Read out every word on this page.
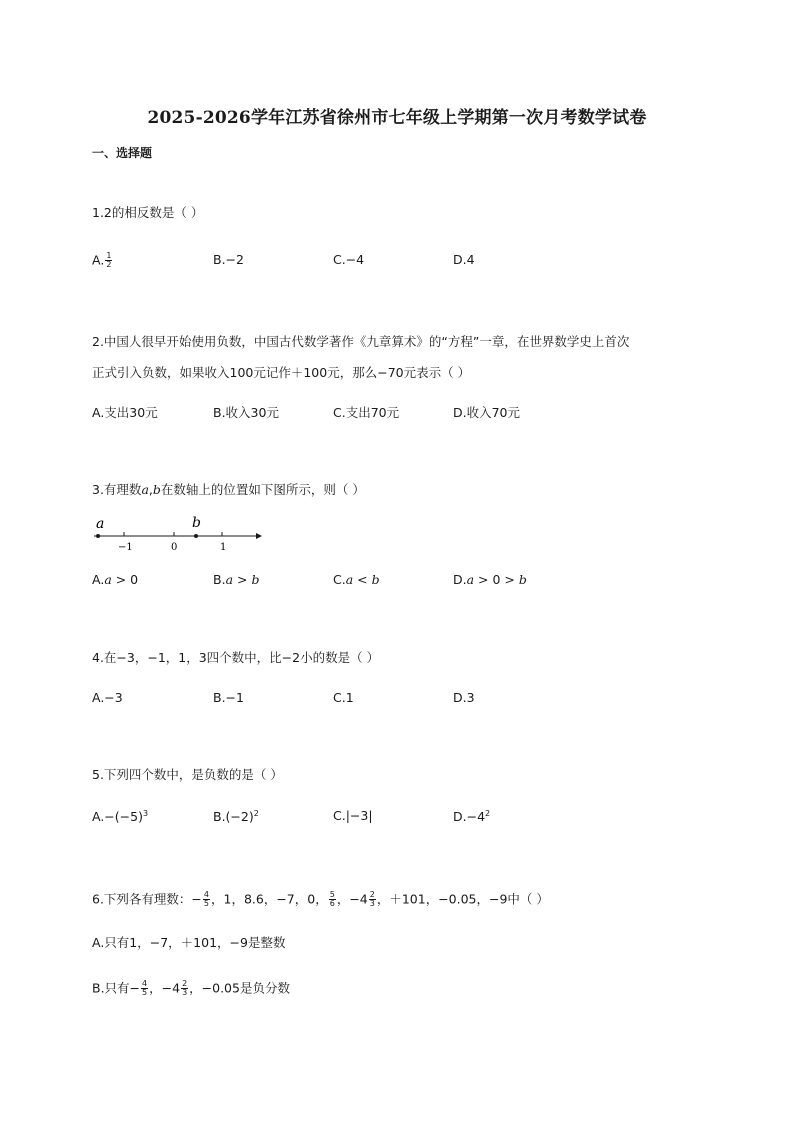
2025-2026学年江苏省徐州市七年级上学期第一次月考数学试卷
一、选择题
1.2的相反数是（ ）
A. $\frac{1}{2}$	B.−2	C.−4	D.4
2.中国人很早开始使用负数，中国古代数学著作《九章算术》的“方程”一章，在世界数学史上首次
正式引入负数，如果收入100元记作＋100元，那么−70元表示（ ）
A.支出30元	B.收入30元	C.支出70元	D.收入70元
3.有理数a,b在数轴上的位置如下图所示，则（ ）
a	b
−1	0	1
A.a > 0	B.a > b	C.a < b	D.a > 0 > b
4.在−3，−1，1，3四个数中，比−2小的数是（ ）
A.−3	B.−1	C.1	D.3
5.下列四个数中，是负数的是（ ）
$A.-(-5)^3$	$B.(-2)^2$	C.|−3|	$D.-4^2$
6.下列各有理数：− $\frac{4}{5}$ ，1，8.6，−7，0， $\frac{5}{6}$ ，$-4 \frac{2}{3}$ ，＋101，−0.05，−9中（ ）
A.只有1，−7，＋101，−9是整数
B.只有− $\frac{4}{5}$ ，$-4 \frac{2}{3}$ ，−0.05是负分数
